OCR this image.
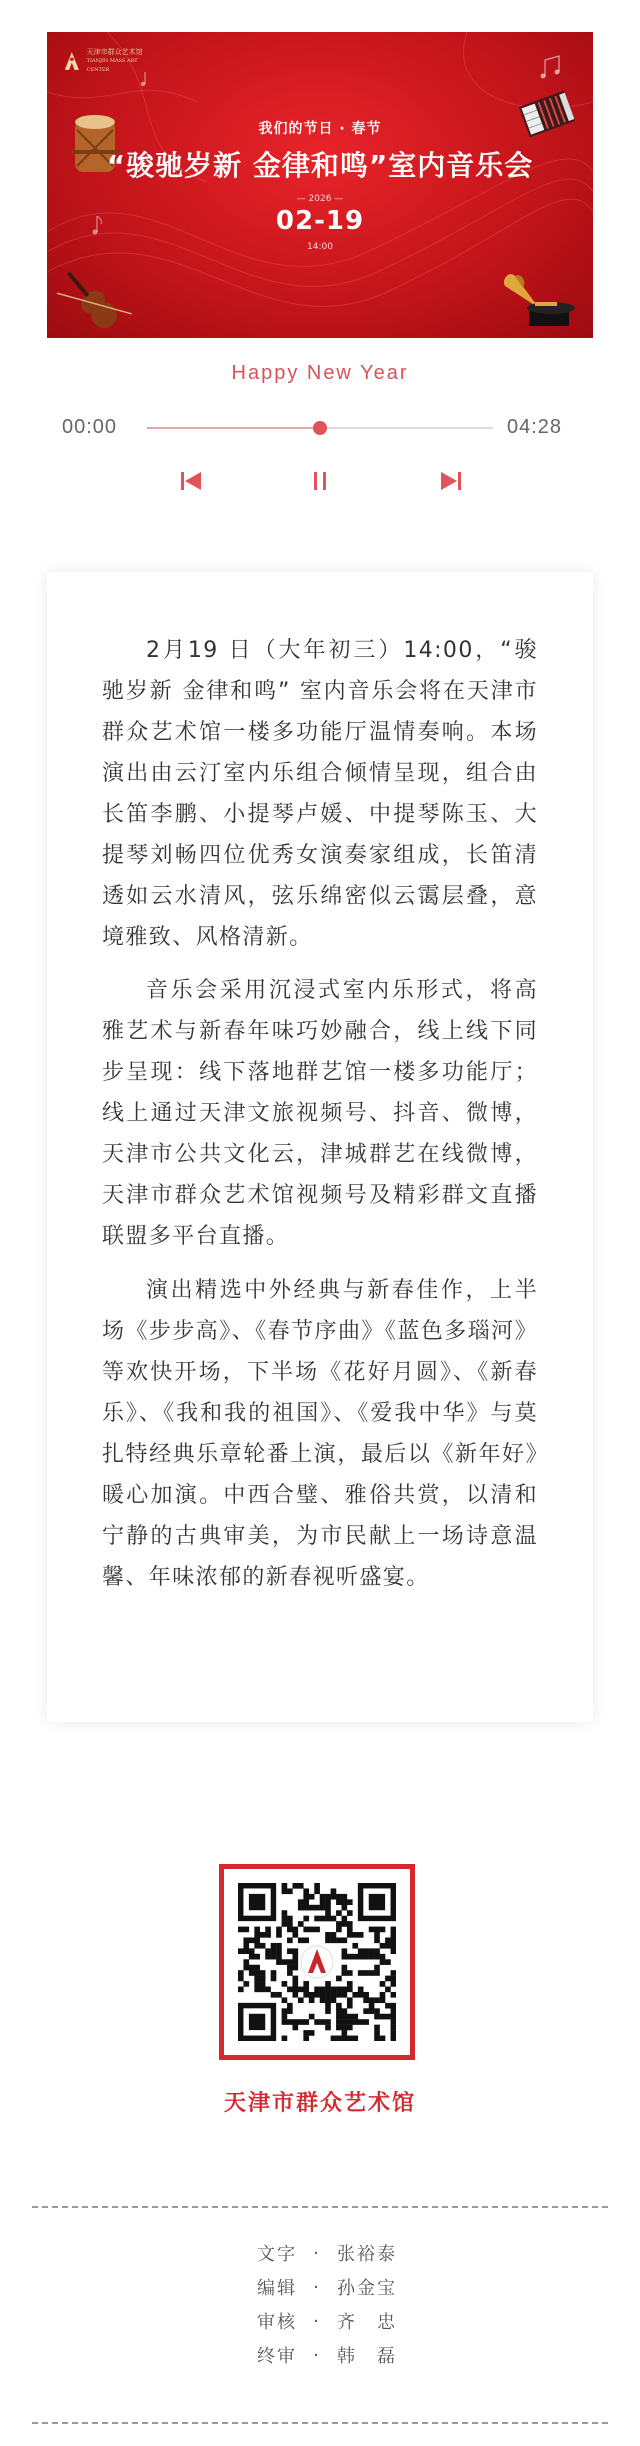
天津市群众艺术馆
TIANJIN MASS ART CENTER
我们的节日 · 春节
“骏驰岁新 金律和鸣”室内音乐会
— 2026 —
02-19
14:00
Happy New Year
00:00	04:28

2月19 日（大年初三）14:00，“骏驰岁新 金律和鸣” 室内音乐会将在天津市群众艺术馆一楼多功能厅温情奏响。本场演出由云汀室内乐组合倾情呈现，组合由长笛李鹏、小提琴卢媛、中提琴陈玉、大提琴刘畅四位优秀女演奏家组成，长笛清透如云水清风，弦乐绵密似云霭层叠，意境雅致、风格清新。

音乐会采用沉浸式室内乐形式，将高雅艺术与新春年味巧妙融合，线上线下同步呈现：线下落地群艺馆一楼多功能厅；线上通过天津文旅视频号、抖音、微博，天津市公共文化云，津城群艺在线微博，天津市群众艺术馆视频号及精彩群文直播联盟多平台直播。

演出精选中外经典与新春佳作，上半场《步步高》、《春节序曲》《蓝色多瑙河》 等欢快开场，下半场《花好月圆》、《新春乐》、《我和我的祖国》、《爱我中华》与莫扎特经典乐章轮番上演，最后以《新年好》暖心加演。中西合璧、雅俗共赏，以清和宁静的古典审美，为市民献上一场诗意温馨、年味浓郁的新春视听盛宴。

天津市群众艺术馆
文字 · 张裕泰
编辑 · 孙金宝
审核 · 齐　忠
终审 · 韩　磊
